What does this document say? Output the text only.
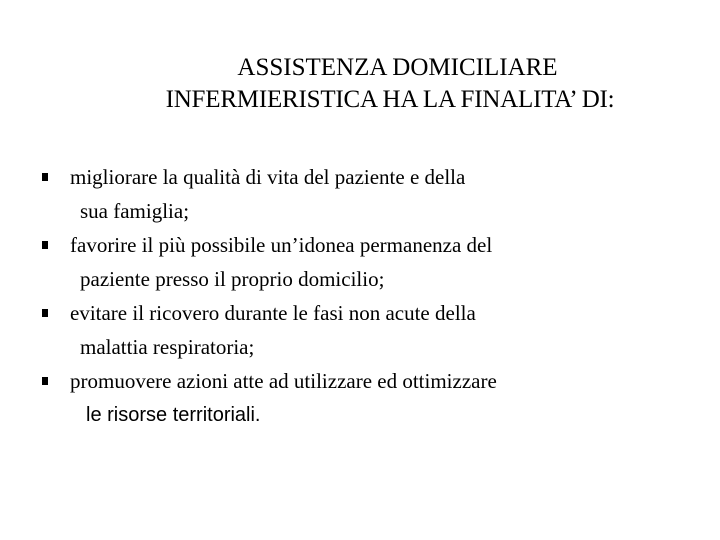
ASSISTENZA DOMICILIARE
INFERMIERISTICA HA LA FINALITA’ DI:
migliorare la qualità di vita del paziente e della
sua famiglia;
favorire il più possibile un’idonea permanenza del
paziente presso il proprio domicilio;
evitare il ricovero durante le fasi non acute della
malattia respiratoria;
promuovere azioni atte ad utilizzare ed ottimizzare
le risorse territoriali.
